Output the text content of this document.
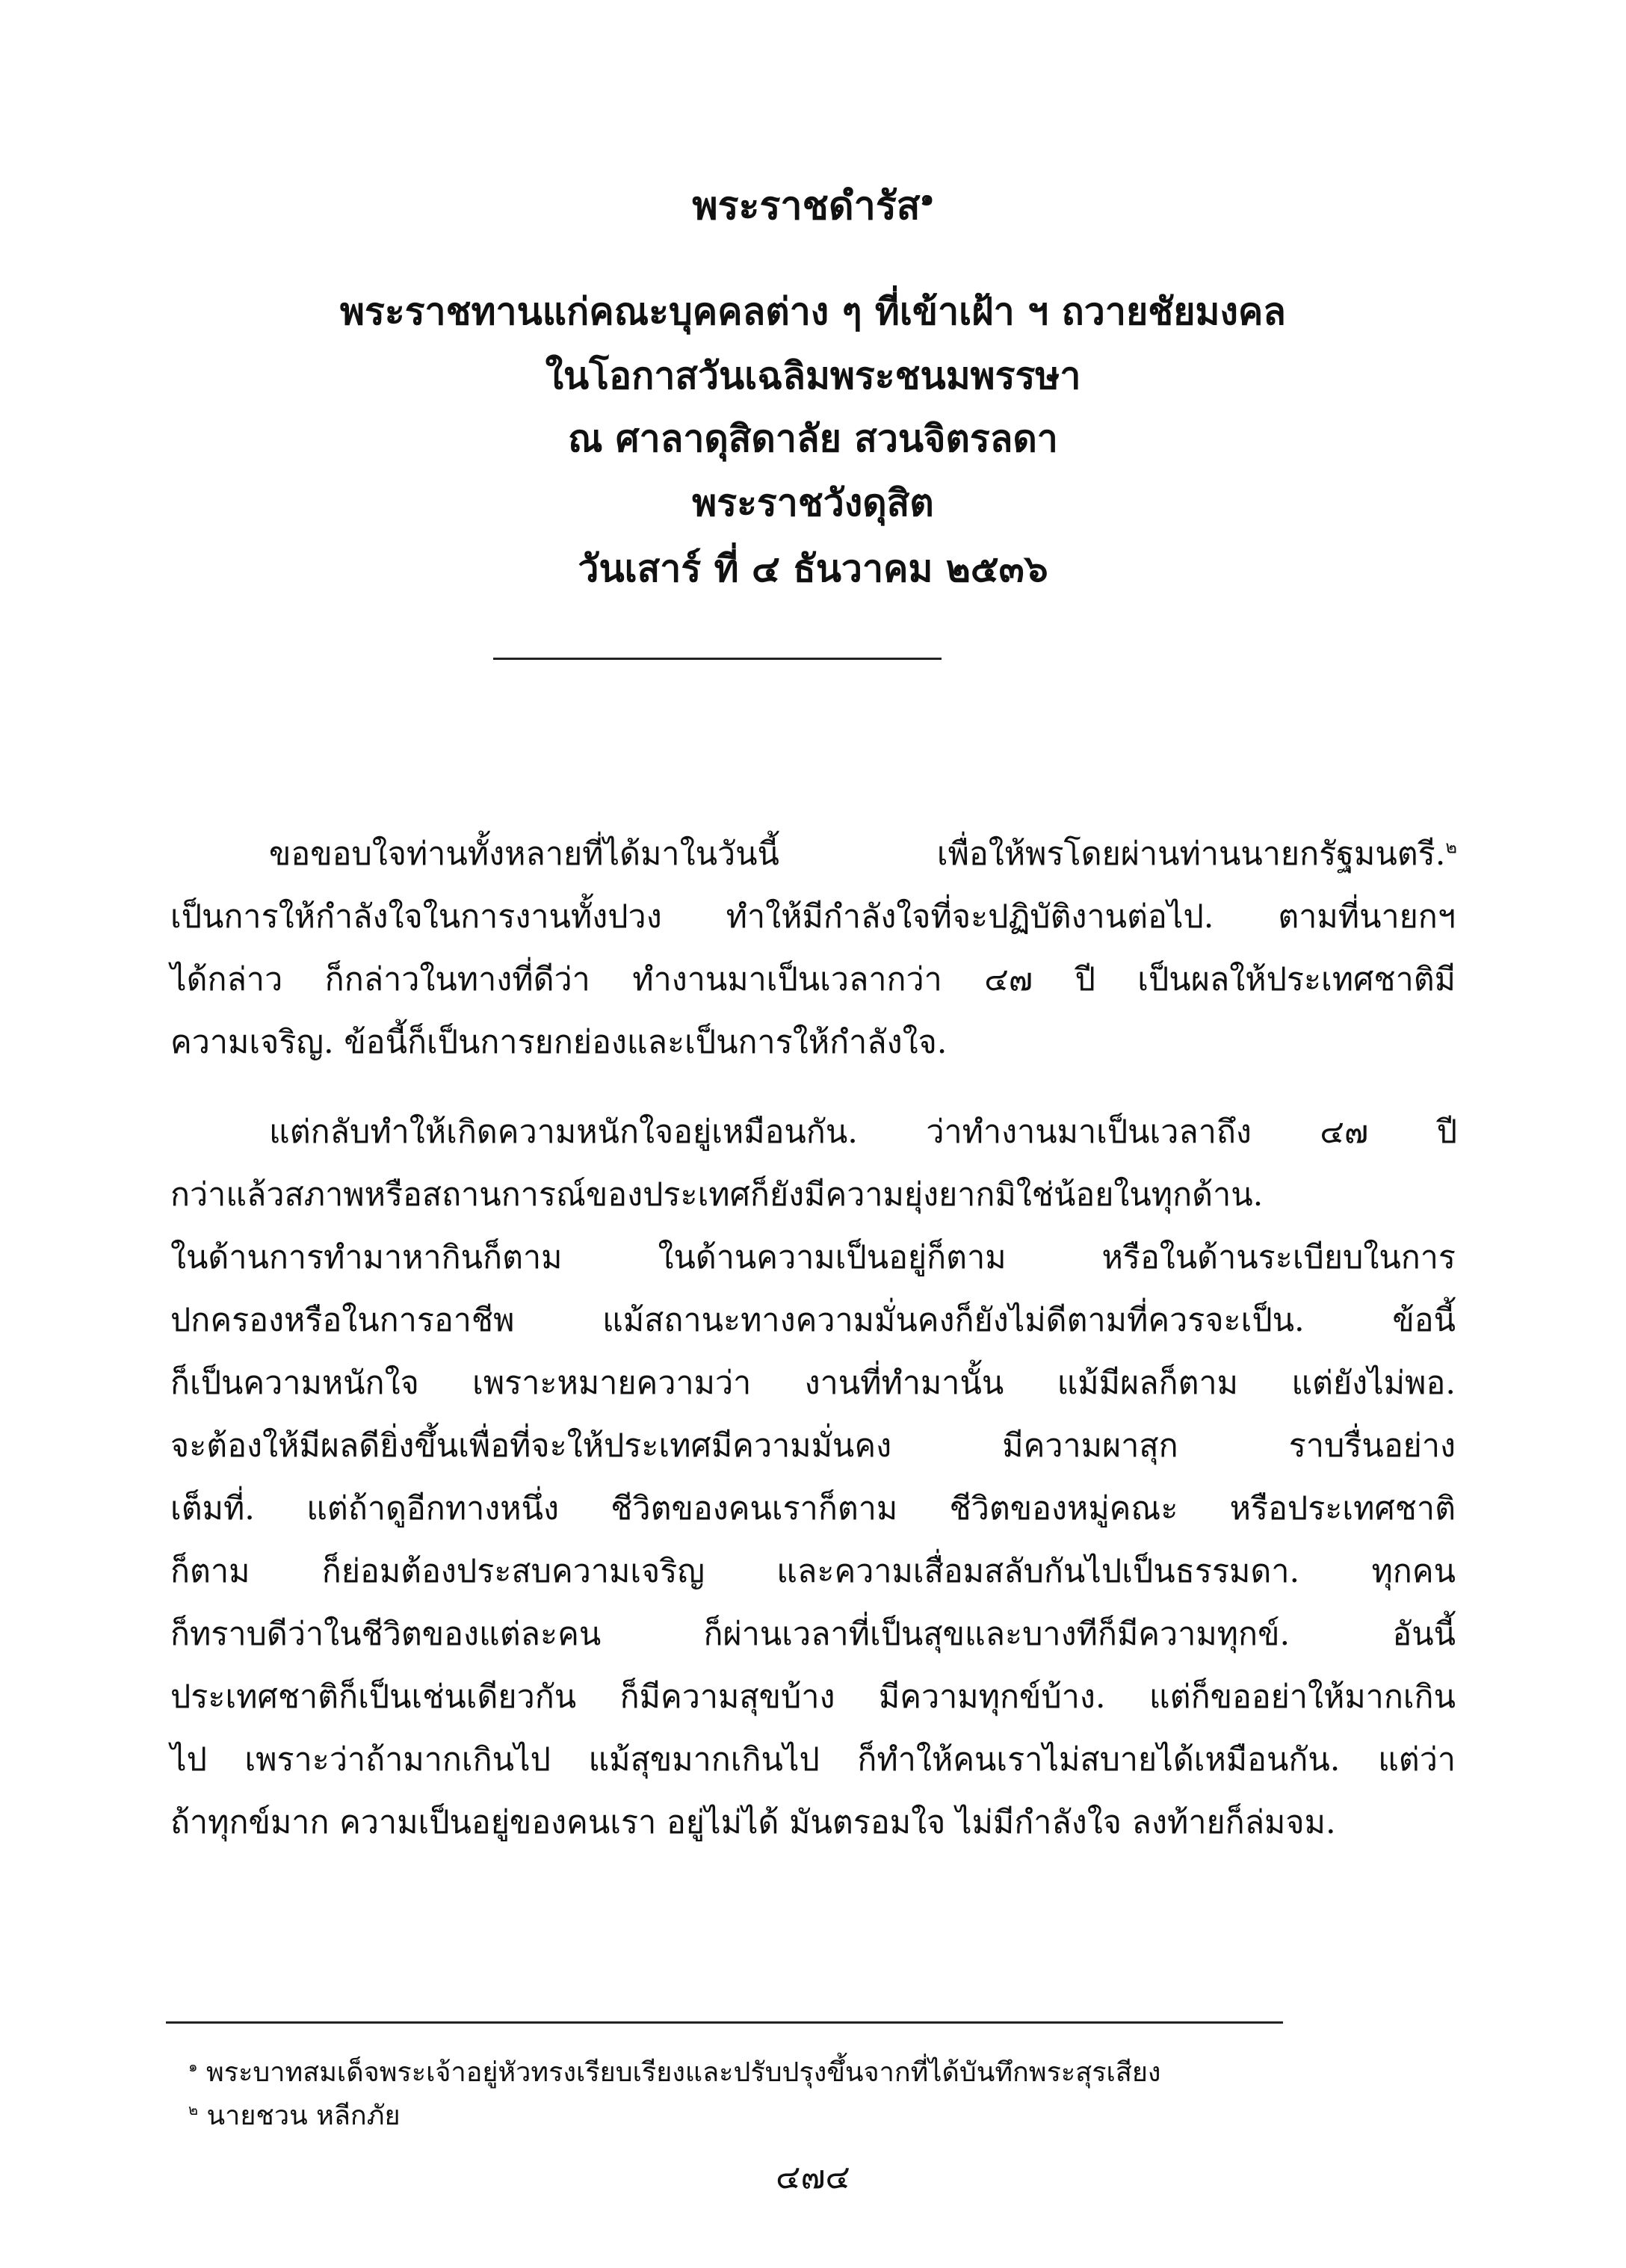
พระราชดำรัส$^๑$
พระราชทานแก่คณะบุคคลต่าง ๆ ที่เข้าเฝ้า ฯ ถวายชัยมงคล
ในโอกาสวันเฉลิมพระชนมพรรษา
ณ ศาลาดุสิดาลัย สวนจิตรลดา
พระราชวังดุสิต
วันเสาร์ ที่ ๔ ธันวาคม ๒๕๓๖
ขอขอบใจท่านทั้งหลายที่ได้มาในวันนี้ เพื่อให้พรโดยผ่านท่านนายกรัฐมนตรี.$^๒$
เป็นการให้กำลังใจในการงานทั้งปวง ทำให้มีกำลังใจที่จะปฏิบัติงานต่อไป. ตามที่นายกฯ
ได้กล่าว ก็กล่าวในทางที่ดีว่า ทำงานมาเป็นเวลากว่า ๔๗ ปี เป็นผลให้ประเทศชาติมี
ความเจริญ. ข้อนี้ก็เป็นการยกย่องและเป็นการให้กำลังใจ.
แต่กลับทำให้เกิดความหนักใจอยู่เหมือนกัน. ว่าทำงานมาเป็นเวลาถึง ๔๗ ปี
กว่าแล้วสภาพหรือสถานการณ์ของประเทศก็ยังมีความยุ่งยากมิใช่น้อยในทุกด้าน.
ในด้านการทำมาหากินก็ตาม ในด้านความเป็นอยู่ก็ตาม หรือในด้านระเบียบในการ
ปกครองหรือในการอาชีพ แม้สถานะทางความมั่นคงก็ยังไม่ดีตามที่ควรจะเป็น. ข้อนี้
ก็เป็นความหนักใจ เพราะหมายความว่า งานที่ทำมานั้น แม้มีผลก็ตาม แต่ยังไม่พอ.
จะต้องให้มีผลดียิ่งขึ้นเพื่อที่จะให้ประเทศมีความมั่นคง มีความผาสุก ราบรื่นอย่าง
เต็มที่. แต่ถ้าดูอีกทางหนึ่ง ชีวิตของคนเราก็ตาม ชีวิตของหมู่คณะ หรือประเทศชาติ
ก็ตาม ก็ย่อมต้องประสบความเจริญ และความเสื่อมสลับกันไปเป็นธรรมดา. ทุกคน
ก็ทราบดีว่าในชีวิตของแต่ละคน ก็ผ่านเวลาที่เป็นสุขและบางทีก็มีความทุกข์. อันนี้
ประเทศชาติก็เป็นเช่นเดียวกัน ก็มีความสุขบ้าง มีความทุกข์บ้าง. แต่ก็ขออย่าให้มากเกิน
ไป เพราะว่าถ้ามากเกินไป แม้สุขมากเกินไป ก็ทำให้คนเราไม่สบายได้เหมือนกัน. แต่ว่า
ถ้าทุกข์มาก ความเป็นอยู่ของคนเรา อยู่ไม่ได้ มันตรอมใจ ไม่มีกำลังใจ ลงท้ายก็ล่มจม.
$^๑$ พระบาทสมเด็จพระเจ้าอยู่หัวทรงเรียบเรียงและปรับปรุงขึ้นจากที่ได้บันทึกพระสุรเสียง
$^๒$ นายชวน หลีกภัย
๔๗๔
